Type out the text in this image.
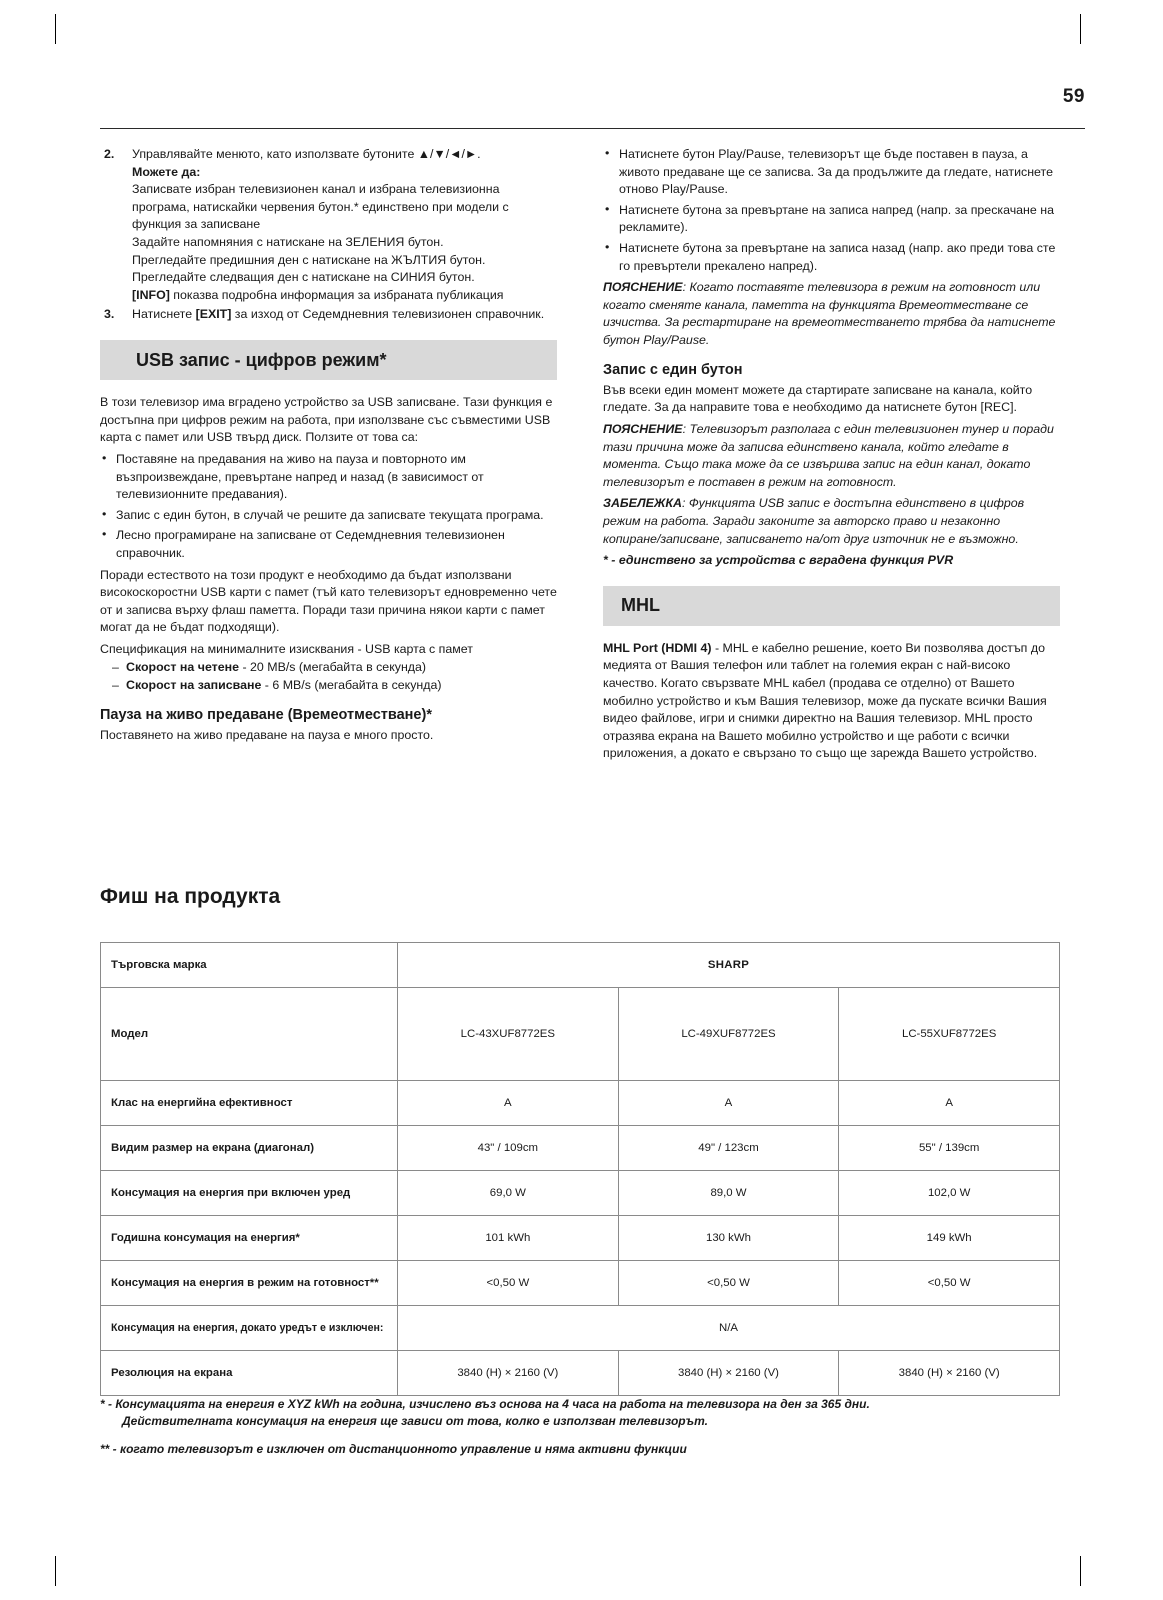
59
2. Управлявайте менюто, като използвате бутоните ▲/▼/◄/►.
Можете да:
Записвате избран телевизионен канал и избрана телевизионна програма, натискайки червения бутон.* единствено при модели с функция за записване
Задайте напомняния с натискане на ЗЕЛЕНИЯ бутон.
Прегледайте предишния ден с натискане на ЖЪЛТИЯ бутон.
Прегледайте следващия ден с натискане на СИНИЯ бутон.
[INFO] показва подробна информация за избраната публикация
3. Натиснете [EXIT] за изход от Седемдневния телевизионен справочник.
USB запис - цифров режим*

В този телевизор има вградено устройство за USB записване. Тази функция е достъпна при цифров режим на работа, при използване със съвместими USB карта с памет или USB твърд диск. Ползите от това са:

• Поставяне на предавания на живо на пауза и повторното им възпроизвеждане, превъртане напред и назад (в зависимост от телевизионните предавания).
• Запис с един бутон, в случай че решите да записвате текущата програма.
• Лесно програмиране на записване от Седемдневния телевизионен справочник.

Поради естеството на този продукт е необходимо да бъдат използвани високоскоростни USB карти с памет (тъй като телевизорът едновременно чете от и записва върху флаш паметта. Поради тази причина някои карти с памет могат да не бъдат подходящи).

Спецификация на минималните изисквания - USB карта с памет

– Скорост на четене - 20 MB/s (мегабайта в секунда)
– Скорост на записване - 6 MB/s (мегабайта в секунда)
Пауза на живо предаване (Времеотместване)*

Поставянето на живо предаване на пауза е много просто.

• Натиснете бутон Play/Pause, телевизорът ще бъде поставен в пауза, а живото предаване ще се записва. За да продължите да гледате, натиснете отново Play/Pause.
• Натиснете бутона за превъртане на записа напред (напр. за прескачане на рекламите).
• Натиснете бутона за превъртане на записа назад (напр. ако преди това сте го превъртели прекалено напред).

ПОЯСНЕНИЕ: Когато поставяте телевизора в режим на готовност или когато сменяте канала, паметта на функцията Времеотместване се изчиства. За рестартиране на времеотместването трябва да натиснете бутон Play/Pause.

Запис с един бутон

Във всеки един момент можете да стартирате записване на канала, който гледате. За да направите това е необходимо да натиснете бутон [REC].

ПОЯСНЕНИЕ: Телевизорът разполага с един телевизионен тунер и поради тази причина може да записва единствено канала, който гледате в момента. Също така може да се извършва запис на един канал, докато телевизорът е поставен в режим на готовност.

ЗАБЕЛЕЖКА: Функцията USB запис е достъпна единствено в цифров режим на работа. Заради законите за авторско право и незаконно копиране/записване, записването на/от друг източник не е възможно.

* - единствено за устройства с вградена функция PVR

MHL

MHL Port (HDMI 4) - MHL е кабелно решение, което Ви позволява достъп до медията от Вашия телефон или таблет на големия екран с най-високо качество. Когато свързвате MHL кабел (продава се отделно) от Вашето мобилно устройство и към Вашия телевизор, може да пускате всички Вашия видео файлове, игри и снимки директно на Вашия телевизор. MHL просто отразява екрана на Вашето мобилно устройство и ще работи с всички приложения, а докато е свързано то също ще зарежда Вашето устройство.

Фиш на продукта
Търговска марка	SHARP		
Модел	LC-43XUF8772ES	LC-49XUF8772ES	LC-55XUF8772ES
Клас на енергийна ефективност	A	A	A
Видим размер на екрана (диагонал)	43" / 109cm	49" / 123cm	55" / 139cm
Консумация на енергия при включен уред	69,0 W	89,0 W	102,0 W
Годишна консумация на енергия*	101 kWh	130 kWh	149 kWh
Консумация на енергия в режим на готовност**	<0,50 W	<0,50 W	<0,50 W
Консумация на енергия, докато уредът е изключен:	N/A		
Резолюция на екрана	3840 (H) × 2160 (V)	3840 (H) × 2160 (V)	3840 (H) × 2160 (V)
* - Консумацията на енергия е XYZ kWh на година, изчислено въз основа на 4 часа на работа на телевизора на ден за 365 дни.
Действителната консумация на енергия ще зависи от това, колко е използван телевизорът.
** - когато телевизорът е изключен от дистанционното управление и няма активни функции
